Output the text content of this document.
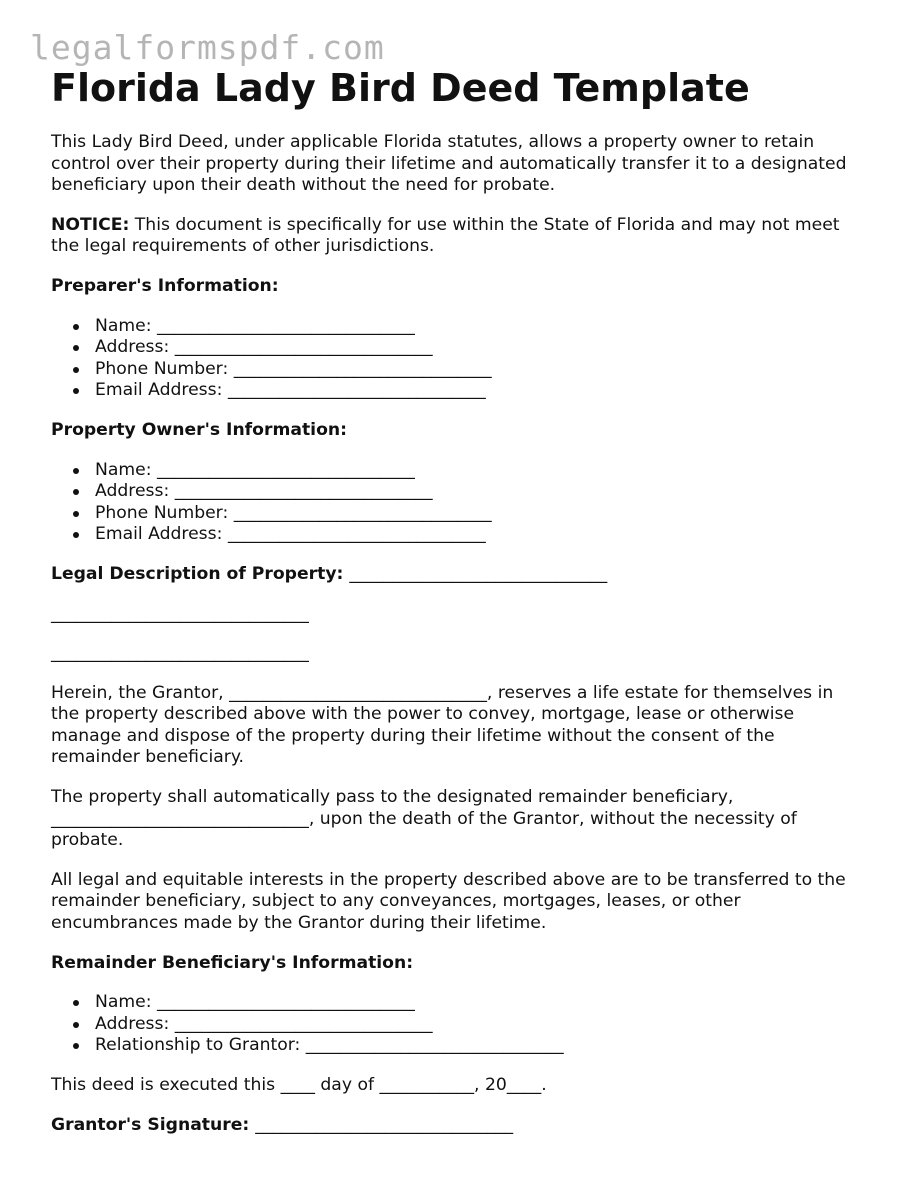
legalformspdf.com
Florida Lady Bird Deed Template

This Lady Bird Deed, under applicable Florida statutes, allows a property owner to retain control over their property during their lifetime and automatically transfer it to a designated beneficiary upon their death without the need for probate.

NOTICE: This document is specifically for use within the State of Florida and may not meet the legal requirements of other jurisdictions.

Preparer's Information:
Name: ______________________________
Address: ______________________________
Phone Number: ______________________________
Email Address: ______________________________
Property Owner's Information:
Name: ______________________________
Address: ______________________________
Phone Number: ______________________________
Email Address: ______________________________
Legal Description of Property: ______________________________
______________________________
______________________________

Herein, the Grantor, ______________________________, reserves a life estate for themselves in the property described above with the power to convey, mortgage, lease or otherwise manage and dispose of the property during their lifetime without the consent of the remainder beneficiary.

The property shall automatically pass to the designated remainder beneficiary, ______________________________, upon the death of the Grantor, without the necessity of probate.

All legal and equitable interests in the property described above are to be transferred to the remainder beneficiary, subject to any conveyances, mortgages, leases, or other encumbrances made by the Grantor during their lifetime.

Remainder Beneficiary's Information:
Name: ______________________________
Address: ______________________________
Relationship to Grantor: ______________________________

This deed is executed this ____ day of ___________, 20____.

Grantor's Signature: ______________________________
